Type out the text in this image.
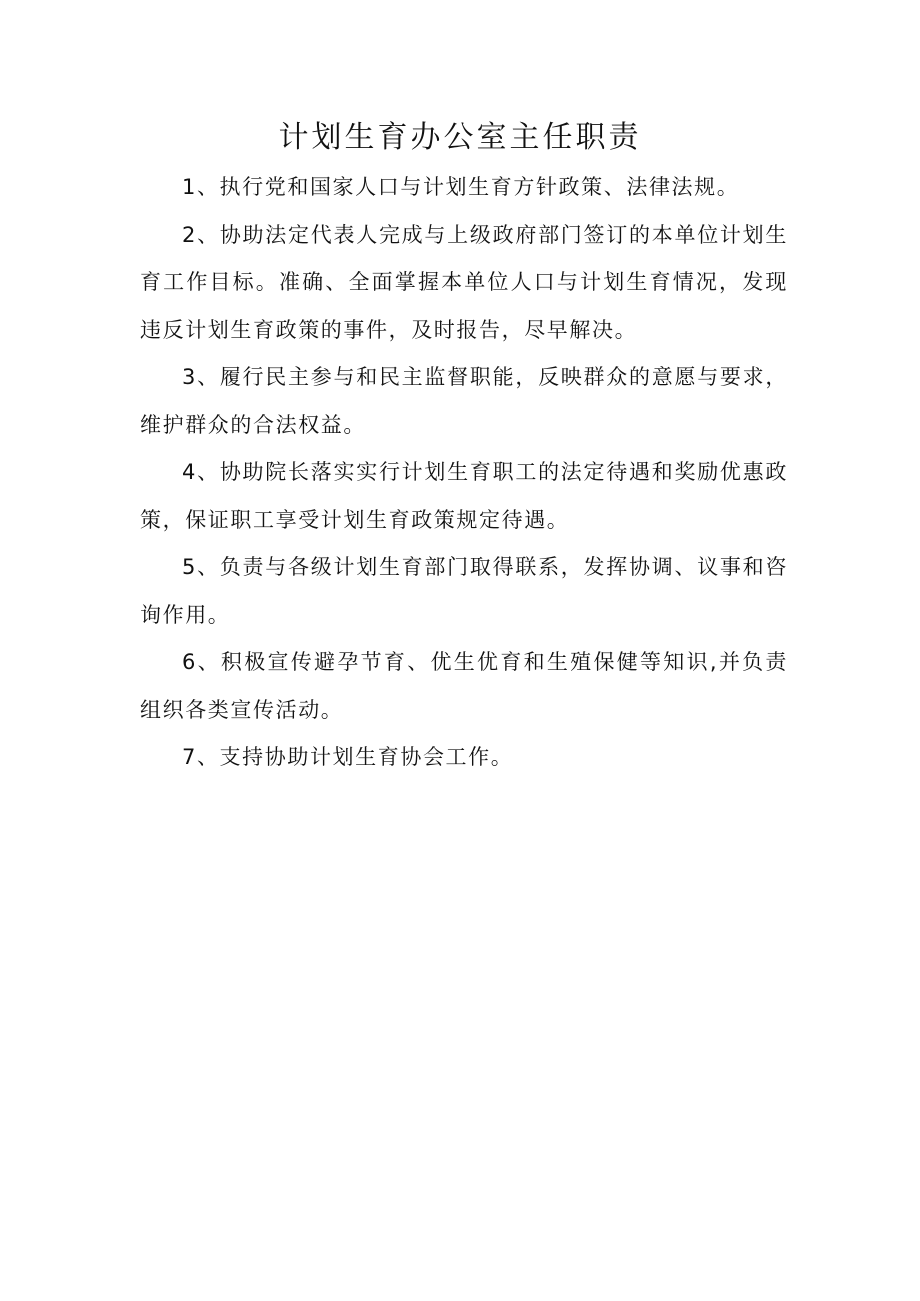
计划生育办公室主任职责

1、执行党和国家人口与计划生育方针政策、法律法规。

2、协助法定代表人完成与上级政府部门签订的本单位计划生育工作目标。准确、全面掌握本单位人口与计划生育情况，发现违反计划生育政策的事件，及时报告，尽早解决。

3、履行民主参与和民主监督职能，反映群众的意愿与要求，维护群众的合法权益。

4、协助院长落实实行计划生育职工的法定待遇和奖励优惠政策，保证职工享受计划生育政策规定待遇。

5、负责与各级计划生育部门取得联系，发挥协调、议事和咨询作用。

6、积极宣传避孕节育、优生优育和生殖保健等知识,并负责组织各类宣传活动。

7、支持协助计划生育协会工作。
